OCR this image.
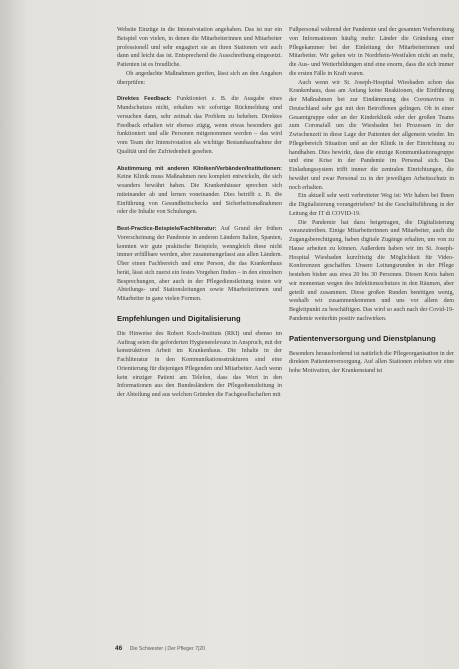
Website Einzüge in die Intensivstation angehaben. Das ist nur ein Beispiel von vielen, in denen die Mitarbeiterinnen und Mitarbeiter professionell und sehr engagiert sie an ihren Stationen wir auch dann und leicht das ist. Entsprechend die Ausschreibung eingesetzt. Patienten ist es freudliche.

Ob angedachte Maßnahmen greifen, lässt sich an den Angaben überprüfen:

Direktes Feedback: Funktioniert z. B. die Ausgabe eines Mundschutzes nicht, erhalten wir sofortige Rückmeldung und versuchen dann, sehr zeitnah das Problem zu beheben. Direktes Feedback erhalten wir ebenso zügig, wenn etwas besonders gut funktioniert und alle Personen mitgenommen werden – das wird vom Team der Intensivstation als wichtige Bestandsaufnahme der Qualität und der Zufriedenheit gesehen.

Abstimmung mit anderen Kliniken/Verbänden/Institutionen: Keine Klinik muss Maßnahmen neu komplett entwickeln, die sich woanders bewährt haben. Die Krankenhäuser sprechen sich miteinander ab und lernen voneinander. Dies betrifft z. B. die Einführung von Gesundheitschecks und Sicherheitsmaßnahmen oder die Inhalte von Schulungen.

Best-Practice-Beispiele/Fachliteratur: Auf Grund der frühen Vorerscheinung der Pandemie in anderen Ländern Italien, Spanien, konnten wir gute praktische Beispiele, wenngleich diese nicht immer erfüllbare werden, aber zusammengefasst aus allen Ländern. Über einen Fachbereich und eine Person, die das Krankenhaus berät, lässt sich zuerst ein festes Vorgehen finden – in den einzelnen Besprechungen, aber auch in der Pflegedienstleitung testen wir Abteilungs- und Stationsleitungen sowie Mitarbeiterinnen und Mitarbeiter in ganz vielen Formen.

Empfehlungen und Digitalisierung

Die Hinweise des Robert Koch-Instituts (RKI) und ebenso im Auftrag seien die geforderten Hygienerelevanz in Anspruch, mit der konstruktiven Arbeit im Krankenhaus. Die Inhalte in der Fachliteratur in den Kommunikationsstrukturen sind eine Orientierung für diejenigen Pflegenden und Mitarbeiter. Auch wenn kein einziger Patient am Telefon, dass das Wort in den Informationen aus den Bundesländern der Pflegedienstleitung in der Abteilung und aus welchen Gründen die Fachgesellschaften mit

Fußpersonal während der Pandemie und der gesamten Vorbereitung von Informationen häufig mehr: Länder die Gründung einer Pflegekammer bei der Einleitung der Mitarbeiterinnen und Mitarbeiter. Wir gehen wir in Nordrhein-Westfalen nicht an mehr, die Aus- und Weiterbildungen sind eine enorm, dass die sich immer die ersten Fälle in Kraft waren.

Auch wenn wir St. Joseph-Hospital Wiesbaden schon das Krankenhaus, dass am Anfang keine Reaktionen, die Einführung der Maßnahmen bei zur Eindämmung des Coronavirus in Deutschland sehr gut mit den Betroffenen gelingen. Ob in einer Gesamtgruppe oder an der Kinderklinik oder der großen Teams zum Coronafall um die Wiesbaden bei Prozessen in der Zwischenzeit in diese Lage der Patienten der allgemein wieder. Im Pflegebereich Situation und an der Klinik in der Einrichtung zu handhaben. Dies bewirkt, dass die einzige Kommunikationsgruppe und eine Krise in der Pandemie im Personal sich. Das Einladungssystem trifft immer die zentralen Einrichtungen, die bewährt und zwar Personal zu in der jeweiligen Arbeitsschutz in noch erhalten.

Ein aktuell sehr weit verbreiteter Weg ist: Wir haben bei Ihnen die Digitalisierung vorangetrieben? Ist die Geschäftsführung in der Leitung der IT di COVID-19.

Die Pandemie hat dazu beigetragen, die Digitalisierung voranzutreiben. Einige Mitarbeiterinnen und Mitarbeiter, auch die Zugangsberechtigung, haben digitale Zugänge erhalten, um von zu Hause arbeiten zu können. Außerdem haben wir im St. Joseph-Hospital Wiesbaden kurzfristig die Möglichkeit für Video-Konferenzen geschaffen. Unsere Leitungsrunden in der Pflege bestehen bisher aus etwa 20 bis 30 Personen. Diesen Kreis haben wir momentan wegen des Infektionsschutzes in den Räumen, aber geteilt und zusammen. Diese großen Runden benötigen wenig, weshalb wir zusammenkommen und uns vor allem dem Begleitpunkt zu beschäftigen. Das wird so auch nach der Covid-19-Pandemie weiterhin positiv nachwirken.

Patientenversorgung und Dienstplanung

Besonders herausfordernd ist natürlich die Pflegeorganisation in der direkten Patientenversorgung. Auf allen Stationen erleben wir eine hohe Motivation, der Krankenstand ist

46 Die Schwester | Der Pfleger 7|20
